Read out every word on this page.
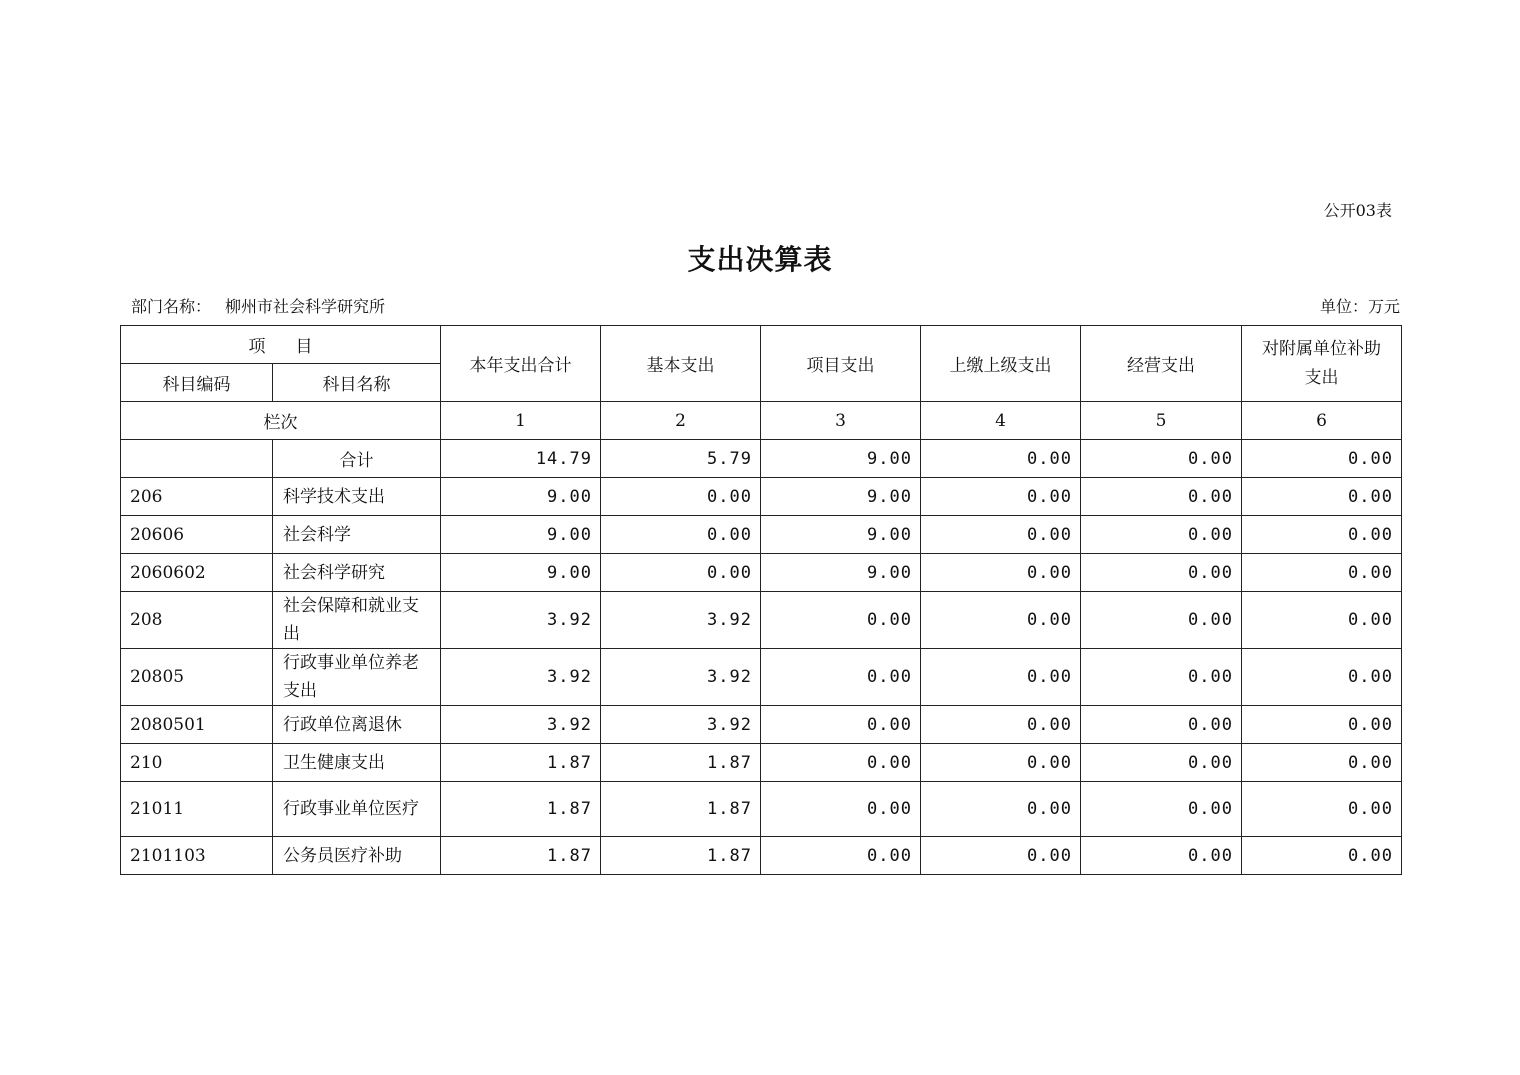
公开03表
支出决算表
部门名称： 柳州市社会科学研究所	单位：万元
项目		本年支出合计	基本支出	项目支出	上缴上级支出	经营支出	对附属单位补助支出
科目编码	科目名称						
栏次		1	2	3	4	5	6
	合计	14.79	5.79	9.00	0.00	0.00	0.00
206	科学技术支出	9.00	0.00	9.00	0.00	0.00	0.00
20606	社会科学	9.00	0.00	9.00	0.00	0.00	0.00
2060602	社会科学研究	9.00	0.00	9.00	0.00	0.00	0.00
208	社会保障和就业支出	3.92	3.92	0.00	0.00	0.00	0.00
20805	行政事业单位养老支出	3.92	3.92	0.00	0.00	0.00	0.00
2080501	行政单位离退休	3.92	3.92	0.00	0.00	0.00	0.00
210	卫生健康支出	1.87	1.87	0.00	0.00	0.00	0.00
21011	行政事业单位医疗	1.87	1.87	0.00	0.00	0.00	0.00
2101103	公务员医疗补助	1.87	1.87	0.00	0.00	0.00	0.00
